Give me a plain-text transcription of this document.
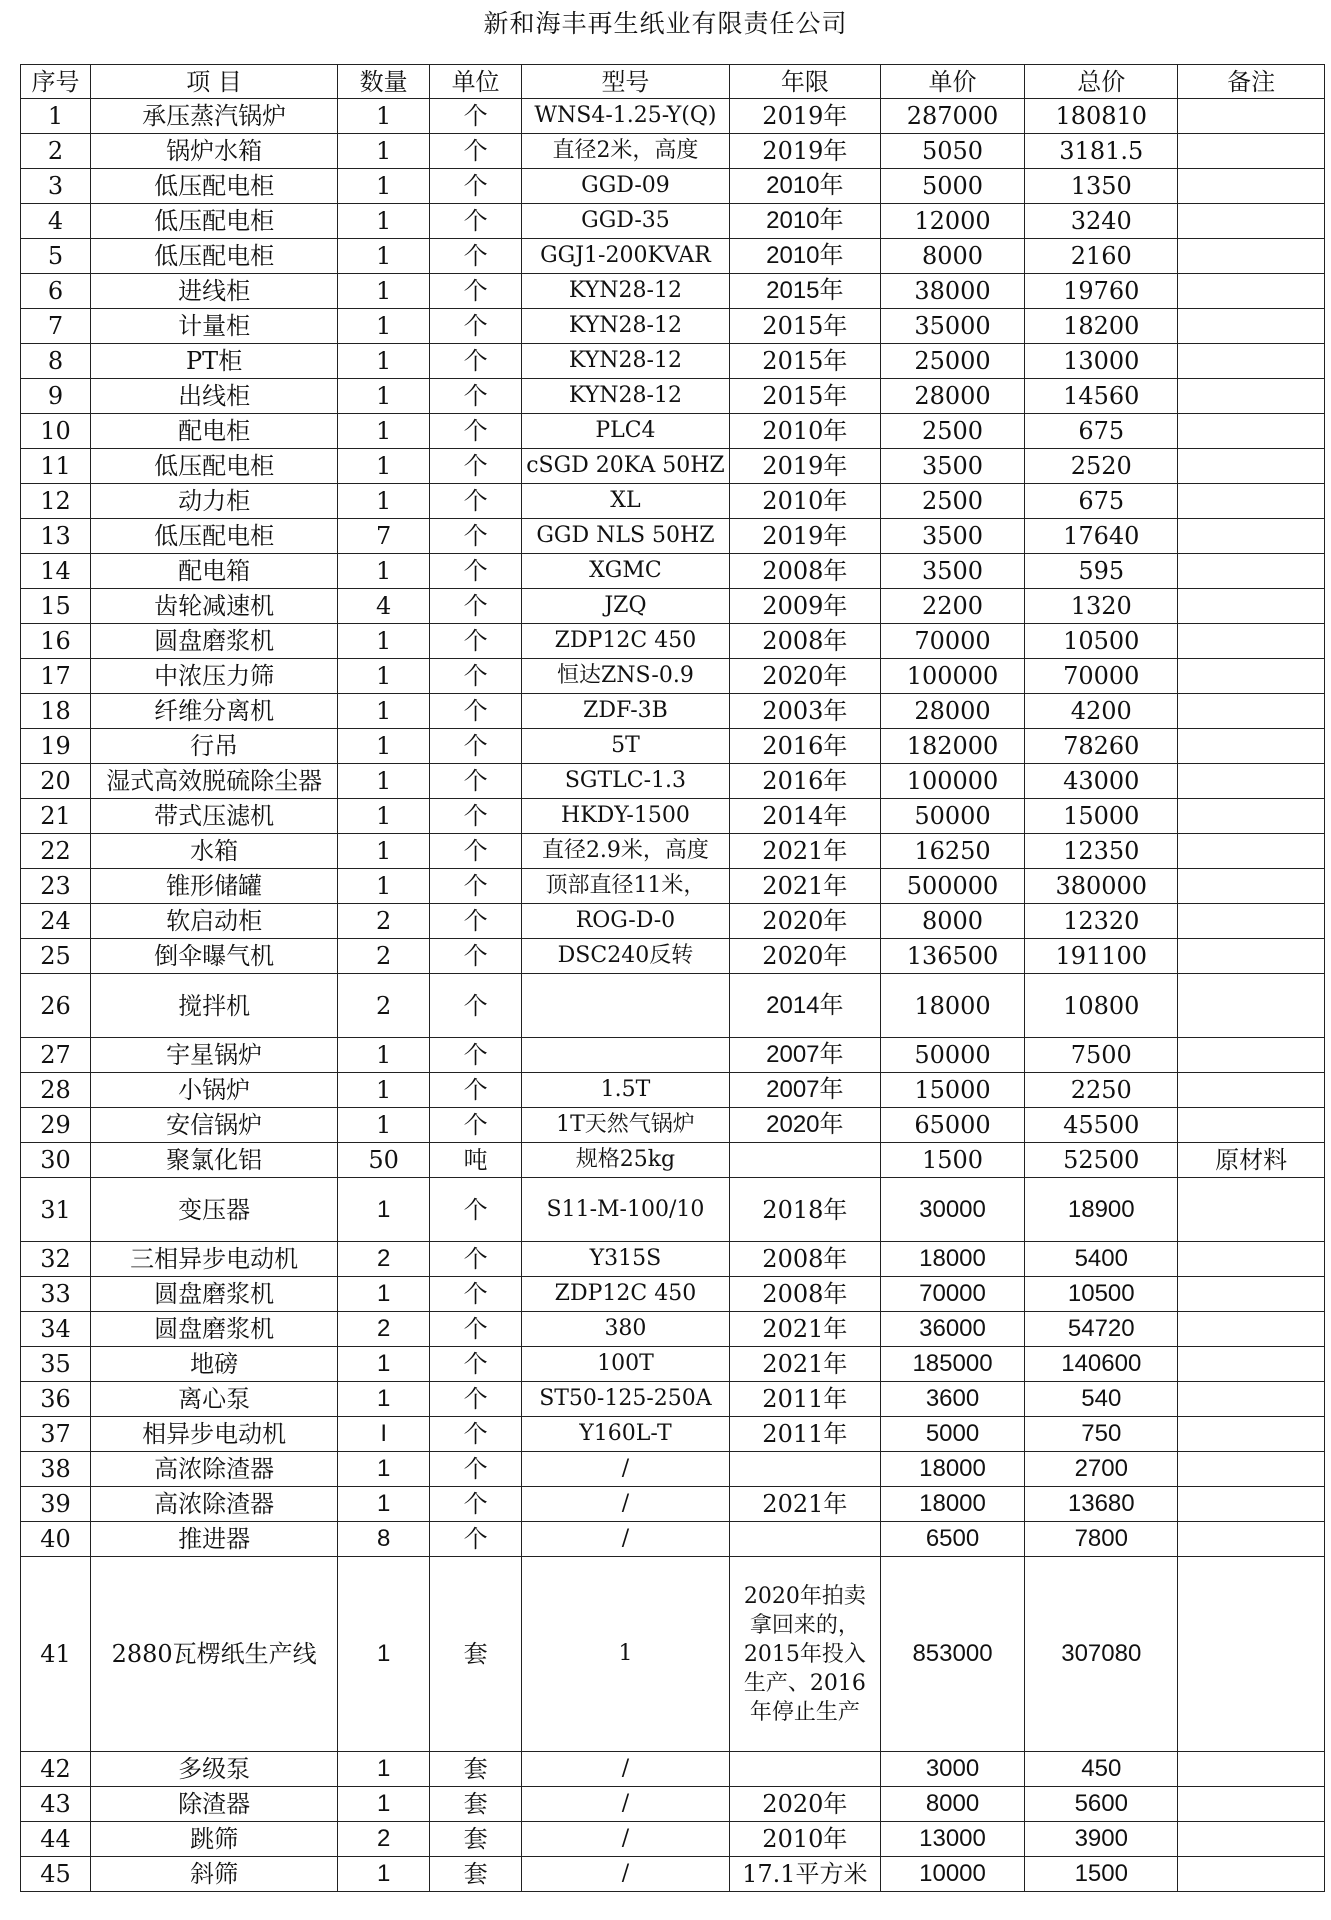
新和海丰再生纸业有限责任公司
序号	项 目	数量	单位	型号	年限	单价	总价	备注
1	承压蒸汽锅炉	1	个	WNS4-1.25-Y(Q)	2019年	287000	180810	
2	锅炉水箱	1	个	直径2米，高度	2019年	5050	3181.5	
3	低压配电柜	1	个	GGD-09	2010年	5000	1350	
4	低压配电柜	1	个	GGD-35	2010年	12000	3240	
5	低压配电柜	1	个	GGJ1-200KVAR	2010年	8000	2160	
6	进线柜	1	个	KYN28-12	2015年	38000	19760	
7	计量柜	1	个	KYN28-12	2015年	35000	18200	
8	PT柜	1	个	KYN28-12	2015年	25000	13000	
9	出线柜	1	个	KYN28-12	2015年	28000	14560	
10	配电柜	1	个	PLC4	2010年	2500	675	
11	低压配电柜	1	个	cSGD 20KA 50HZ	2019年	3500	2520	
12	动力柜	1	个	XL	2010年	2500	675	
13	低压配电柜	7	个	GGD NLS 50HZ	2019年	3500	17640	
14	配电箱	1	个	XGMC	2008年	3500	595	
15	齿轮减速机	4	个	JZQ	2009年	2200	1320	
16	圆盘磨浆机	1	个	ZDP12C 450	2008年	70000	10500	
17	中浓压力筛	1	个	恒达ZNS-0.9	2020年	100000	70000	
18	纤维分离机	1	个	ZDF-3B	2003年	28000	4200	
19	行吊	1	个	5T	2016年	182000	78260	
20	湿式高效脱硫除尘器	1	个	SGTLC-1.3	2016年	100000	43000	
21	带式压滤机	1	个	HKDY-1500	2014年	50000	15000	
22	水箱	1	个	直径2.9米，高度	2021年	16250	12350	
23	锥形储罐	1	个	顶部直径11米，	2021年	500000	380000	
24	软启动柜	2	个	ROG-D-0	2020年	8000	12320	
25	倒伞曝气机	2	个	DSC240反转	2020年	136500	191100	
26	搅拌机	2	个		2014年	18000	10800	
27	宇星锅炉	1	个		2007年	50000	7500	
28	小锅炉	1	个	1.5T	2007年	15000	2250	
29	安信锅炉	1	个	1T天然气锅炉	2020年	65000	45500	
30	聚氯化铝	50	吨	规格25kg		1500	52500	原材料
31	变压器	1	个	S11-M-100/10	2018年	30000	18900	
32	三相异步电动机	2	个	Y315S	2008年	18000	5400	
33	圆盘磨浆机	1	个	ZDP12C 450	2008年	70000	10500	
34	圆盘磨浆机	2	个	380	2021年	36000	54720	
35	地磅	1	个	100T	2021年	185000	140600	
36	离心泵	1	个	ST50-125-250A	2011年	3600	540	
37	相异步电动机	I	个	Y160L-T	2011年	5000	750	
38	高浓除渣器	1	个	/		18000	2700	
39	高浓除渣器	1	个	/	2021年	18000	13680	
40	推进器	8	个	/		6500	7800	
41	2880瓦楞纸生产线	1	套	1	2020年拍卖拿回来的，2015年投入生产、2016年停止生产	853000	307080	
42	多级泵	1	套	/		3000	450	
43	除渣器	1	套	/	2020年	8000	5600	
44	跳筛	2	套	/	2010年	13000	3900	
45	斜筛	1	套	/	17.1平方米	10000	1500	
